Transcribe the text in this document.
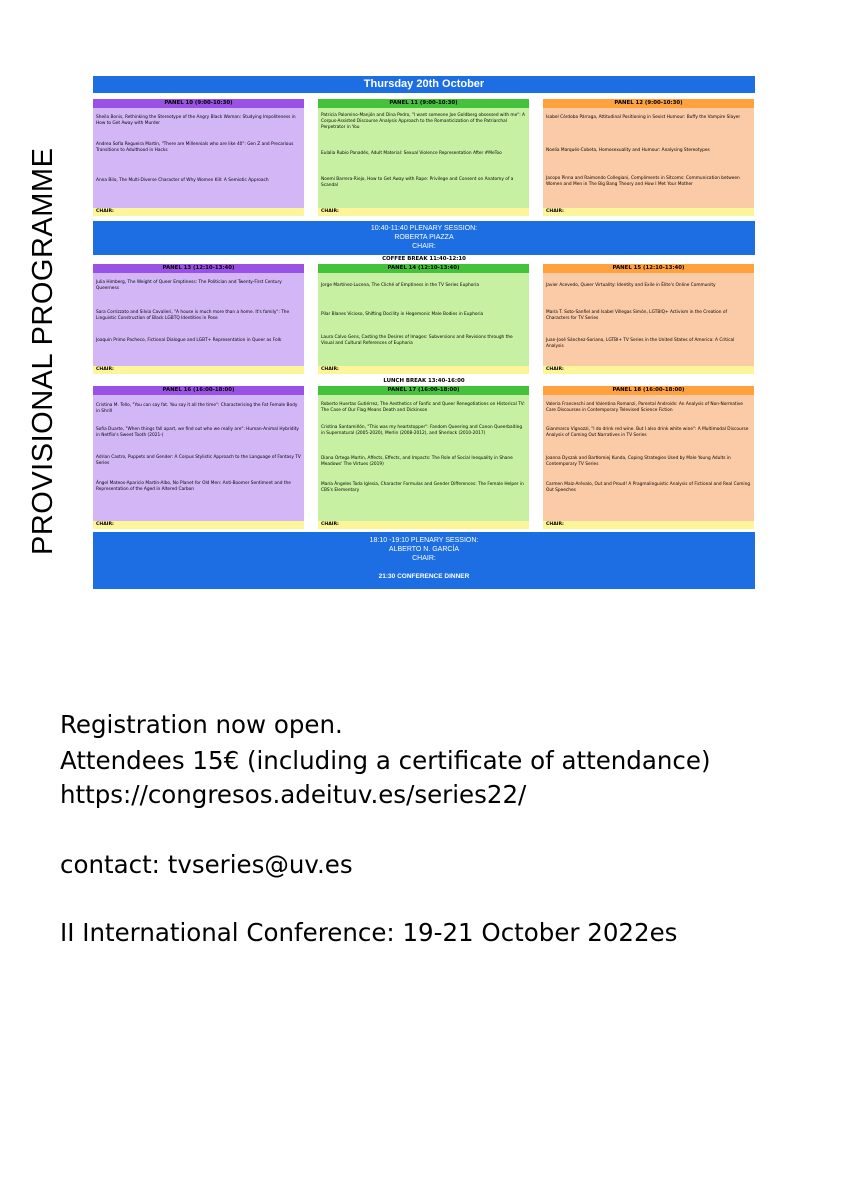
PROVISIONAL PROGRAMME
Thursday 20th October
PANEL 10 (9:00-10:30)
Sheila Bonis, Rethinking the Stereotype of the Angry Black Woman: Studying Impoliteness in How to Get Away with Murder
Andrea Sofía Regueira Martín, "There are Millennials who are like 40": Gen Z and Precarious Transitions to Adulthood in Hacks
Anna Bilo, The Multi-Diverse Character of Why Women Kill: A Semiotic Approach
CHAIR:
PANEL 11 (9:00-10:30)
Patricia Palomino-Manjón and Dina Pedro, "I want someone Joe Goldberg obsessed with me": A Corpus-Assisted Discourse Analysis Approach to the Romanticization of the Patriarchal Perpetrator in You
Eulalia Rubio Panadés, Adult Material: Sexual Violence Representation After #MeToo
Noemí Barrera-Riejo, How to Get Away with Rape: Privilege and Consent on Anatomy of a Scandal
CHAIR:
PANEL 12 (9:00-10:30)
Isabel Córdoba Párraga, Attitudinal Positioning in Sexist Humour: Buffy the Vampire Slayer
Noelia Marqués-Cobeta, Homosexuality and Humour: Analysing Stereotypes
Jacopo Pinna and Raimondo Collegiani, Compliments in Sitcoms: Communication between Women and Men in The Big Bang Theory and How I Met Your Mother
CHAIR:
10:40-11:40 PLENARY SESSION:
ROBERTA PIAZZA
CHAIR:
COFFEE BREAK 11:40-12:10
PANEL 13 (12:10-13:40)
Julia Himberg, The Weight of Queer Emptiness: The Politician and Twenty-First Century Queerness
Sara Corrizzato and Silvia Cavalieri, "A house is much more than a home. It's family": The Linguistic Construction of Black LGBTQ Identities in Pose
Joaquín Primo Pacheco, Fictional Dialogue and LGBT+ Representation in Queer as Folk
CHAIR:
PANEL 14 (12:10-13:40)
Jorge Martínez-Lucena, The Cliché of Emptiness in the TV Series Euphoria
Pilar Blanes Vicioso, Shifting Docility in Hegemonic Male Bodies in Euphoria
Laura Calvo Gens, Casting the Desires of Images: Subversions and Revisions through the Visual and Cultural References of Euphoria
CHAIR:
PANEL 15 (12:10-13:40)
Javier Acevedo, Queer Virtuality: Identity and Exile in Élite's Online Community
María T. Soto-Sanfiel and Isabel Villegas Simón, LGTBIQ+ Activism in the Creation of Characters for TV Series
Juan-José Sánchez-Soriano, LGTBI+ TV Series in the United States of America: A Critical Analysis
CHAIR:
LUNCH BREAK 13:40-16:00
PANEL 16 (16:00-18:00)
Cristina M. Tello, "You can say fat. You say it all the time": Characterising the Fat Female Body in Shrill
Sofía Duarte, "When things fall apart, we find out who we really are": Human-Animal Hybridity in Netflix's Sweet Tooth (2021-)
Adrian Castro, Puppets and Gender: A Corpus Stylistic Approach to the Language of Fantasy TV Series
Ángel Mateos-Aparicio Martín-Albo, No Planet for Old Men: Anti-Boomer Sentiment and the Representation of the Aged in Altered Carbon
CHAIR:
PANEL 17 (16:00-18:00)
Roberto Huertas Gutiérrez, The Aesthetics of Fanfic and Queer Renegotiations on Historical TV: The Case of Our Flag Means Death and Dickinson
Cristina Santamiñón, "This was my heartstopper": Fandom Queering and Canon Queerbaiting in Supernatural (2005-2020), Merlin (2008-2012), and Sherlock (2010-2017)
Diana Ortega Martín, Affects, Effects, and Impacts: The Role of Social Inequality in Shane Meadows' The Virtues (2019)
María Ángeles Toda Iglesia, Character Formulas and Gender Differences: The Female Helper in CBS's Elementary
CHAIR:
PANEL 18 (16:00-18:00)
Valeria Franceschi and Valentina Romanzi, Parental Androids: An Analysis of Non-Normative Care Discourses in Contemporary Televised Science Fiction
Gianmarco Vignozzi, "I do drink red wine. But I also drink white wine": A Multimodal Discourse Analysis of Coming Out Narratives in TV Series
Joanna Dyszak and Bartłomiej Kunda, Coping Strategies Used by Male Young Adults in Contemporary TV Series
Carmen Maíz-Arévalo, Out and Proud! A Pragmalinguistic Analysis of Fictional and Real Coming Out Speeches
CHAIR:
18:10 -19:10 PLENARY SESSION:
ALBERTO N. GARCÍA
CHAIR:
21:30 CONFERENCE DINNER
Registration now open.
Attendees 15€ (including a certificate of attendance)
https://congresos.adeituv.es/series22/
contact: tvseries@uv.es
II International Conference: 19-21 October 2022es
